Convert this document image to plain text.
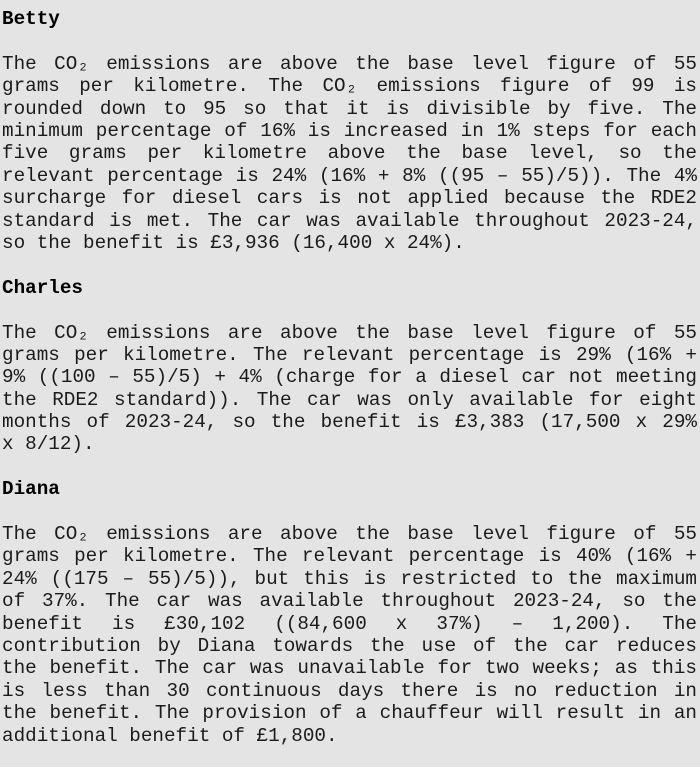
Betty
The CO₂ emissions are above the base level figure of 55
grams per kilometre. The CO₂ emissions figure of 99 is
rounded down to 95 so that it is divisible by five. The
minimum percentage of 16% is increased in 1% steps for each
five grams per kilometre above the base level, so the
relevant percentage is 24% (16% + 8% ((95 – 55)/5)). The 4%
surcharge for diesel cars is not applied because the RDE2
standard is met. The car was available throughout 2023-24,
so the benefit is £3,936 (16,400 x 24%).
Charles
The CO₂ emissions are above the base level figure of 55
grams per kilometre. The relevant percentage is 29% (16% +
9% ((100 – 55)/5) + 4% (charge for a diesel car not meeting
the RDE2 standard)). The car was only available for eight
months of 2023-24, so the benefit is £3,383 (17,500 x 29%
x 8/12).
Diana
The CO₂ emissions are above the base level figure of 55
grams per kilometre. The relevant percentage is 40% (16% +
24% ((175 – 55)/5)), but this is restricted to the maximum
of 37%. The car was available throughout 2023-24, so the
benefit is £30,102 ((84,600 x 37%) – 1,200). The
contribution by Diana towards the use of the car reduces
the benefit. The car was unavailable for two weeks; as this
is less than 30 continuous days there is no reduction in
the benefit. The provision of a chauffeur will result in an
additional benefit of £1,800.
